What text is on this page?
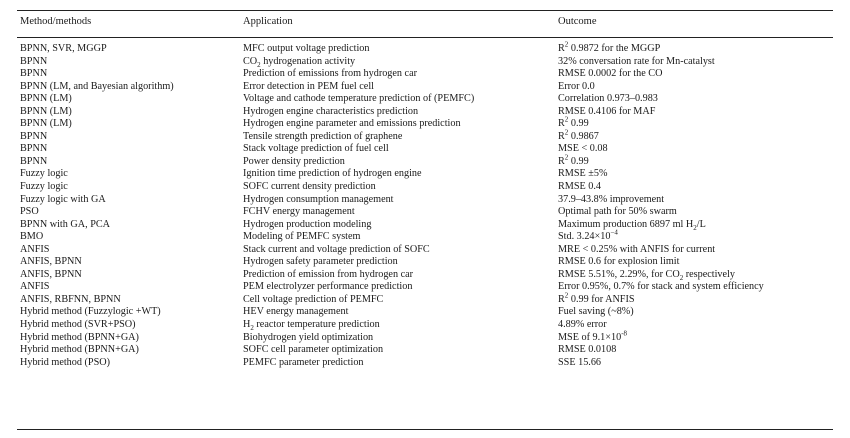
Method/methods	Application	Outcome
BPNN, SVR, MGGP	MFC output voltage prediction	$R^2$ 0.9872 for the MGGP
BPNN	$CO_2$ hydrogenation activity	32% conversation rate for Mn-catalyst
BPNN	Prediction of emissions from hydrogen car	RMSE 0.0002 for the CO
BPNN (LM, and Bayesian algorithm)	Error detection in PEM fuel cell	Error 0.0
BPNN (LM)	Voltage and cathode temperature prediction of (PEMFC)	Correlation 0.973–0.983
BPNN (LM)	Hydrogen engine characteristics prediction	RMSE 0.4106 for MAF
BPNN (LM)	Hydrogen engine parameter and emissions prediction	$R^2$ 0.99
BPNN	Tensile strength prediction of graphene	$R^2$ 0.9867
BPNN	Stack voltage prediction of fuel cell	MSE < 0.08
BPNN	Power density prediction	$R^2$ 0.99
Fuzzy logic	Ignition time prediction of hydrogen engine	RMSE ±5%
Fuzzy logic	SOFC current density prediction	RMSE 0.4
Fuzzy logic with GA	Hydrogen consumption management	37.9–43.8% improvement
PSO	FCHV energy management	Optimal path for 50% swarm
BPNN with GA, PCA	Hydrogen production modeling	Maximum production 6897 ml $H_2/L$
BMO	Modeling of PEMFC system	Std. $3.24\times 10^{-4}$
ANFIS	Stack current and voltage prediction of SOFC	MRE < 0.25% with ANFIS for current
ANFIS, BPNN	Hydrogen safety parameter prediction	RMSE 0.6 for explosion limit
ANFIS, BPNN	Prediction of emission from hydrogen car	RMSE 5.51%, 2.29%, for $CO_2$ respectively
ANFIS	PEM electrolyzer performance prediction	Error 0.95%, 0.7% for stack and system efficiency
ANFIS, RBFNN, BPNN	Cell voltage prediction of PEMFC	$R^2$ 0.99 for ANFIS
Hybrid method (Fuzzylogic +WT)	HEV energy management	Fuel saving (~8%)
Hybrid method (SVR+PSO)	$H_2$ reactor temperature prediction	4.89% error
Hybrid method (BPNN+GA)	Biohydrogen yield optimization	MSE of $9.1\times 10^{-8}$
Hybrid method (BPNN+GA)	SOFC cell parameter optimization	RMSE 0.0108
Hybrid method (PSO)	PEMFC parameter prediction	SSE 15.66
